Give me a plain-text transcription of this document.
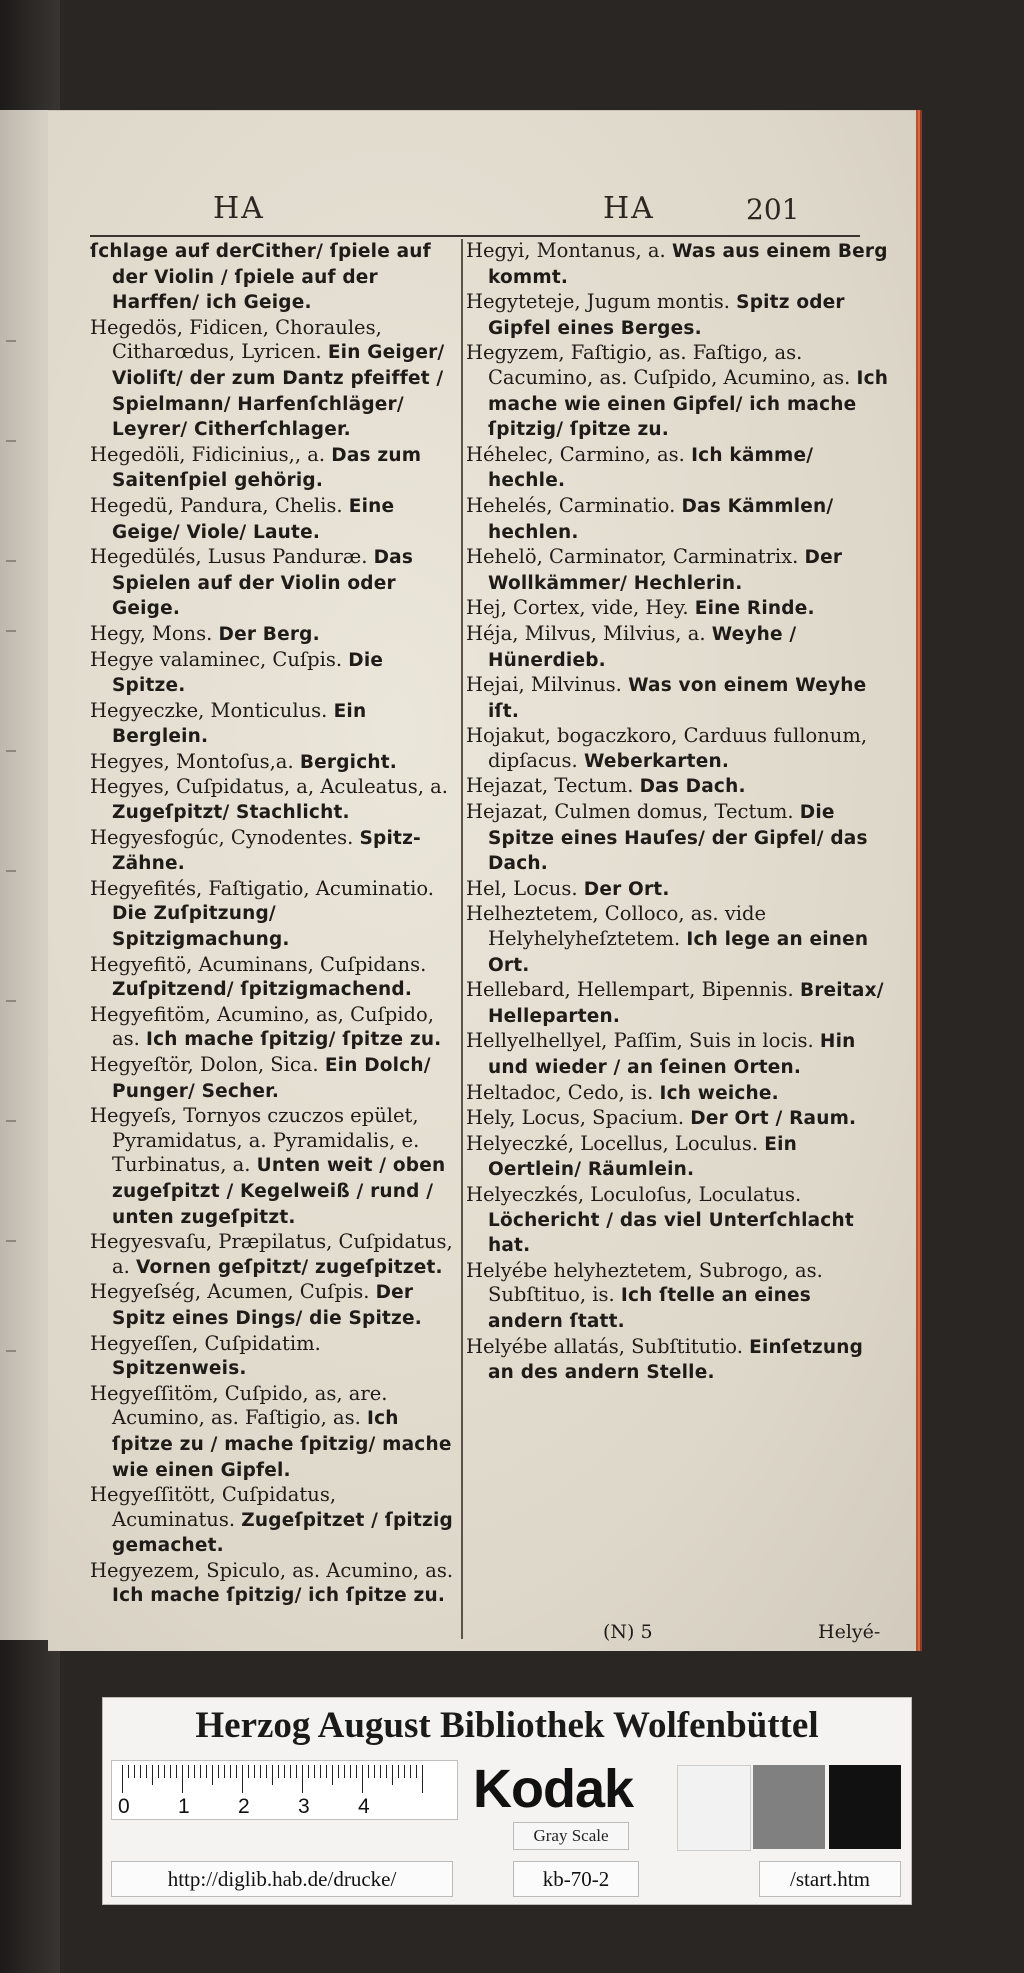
HA	HA	201
ſchlage auf derCither/ ſpiele auf der Violin / ſpiele auf der Harffen/ ich Geige.
Hegedös, Fidicen, Choraules, Citharœdus, Lyricen. Ein Geiger/ Violiſt/ der zum Dantz pfeiffet / Spielmann/ Harfenſchläger/ Leyrer/ Citherſchlager.
Hegedöli, Fidicinius,, a. Das zum Saitenſpiel gehörig.
Hegedü, Pandura, Chelis. Eine Geige/ Viole/ Laute.
Hegedülés, Lusus Panduræ. Das Spielen auf der Violin oder Geige.
Hegy, Mons. Der Berg.
Hegye valaminec, Cuſpis. Die Spitze.
Hegyeczke, Monticulus. Ein Berglein.
Hegyes, Montoſus,a. Bergicht.
Hegyes, Cuſpidatus, a, Aculeatus, a. Zugeſpitzt/ Stachlicht.
Hegyesfogúc, Cynodentes. Spitz-Zähne.
Hegyefités, Faſtigatio, Acuminatio. Die Zuſpitzung/ Spitzigmachung.
Hegyefitö, Acuminans, Cuſpidans. Zuſpitzend/ ſpitzigmachend.
Hegyefitöm, Acumino, as, Cuſpido, as. Ich mache ſpitzig/ ſpitze zu.
Hegyeſtör, Dolon, Sica. Ein Dolch/ Punger/ Secher.
Hegyeſs, Tornyos czuczos epület, Pyramidatus, a. Pyramidalis, e. Turbinatus, a. Unten weit / oben zugeſpitzt / Kegelweiß / rund / unten zugeſpitzt.
Hegyesvaſu, Præpilatus, Cuſpidatus, a. Vornen geſpitzt/ zugeſpitzet.
Hegyeſség, Acumen, Cuſpis. Der Spitz eines Dings/ die Spitze.
Hegyeſſen, Cuſpidatim. Spitzenweis.
Hegyeſſitöm, Cuſpido, as, are. Acumino, as. Faſtigio, as. Ich ſpitze zu / mache ſpitzig/ mache wie einen Gipfel.
Hegyeſſitött, Cuſpidatus, Acuminatus. Zugeſpitzet / ſpitzig gemachet.
Hegyezem, Spiculo, as. Acumino, as. Ich mache ſpitzig/ ich ſpitze zu.
Hegyi, Montanus, a. Was aus einem Berg kommt.
Hegyteteje, Jugum montis. Spitz oder Gipfel eines Berges.
Hegyzem, Faſtigio, as. Faſtigo, as. Cacumino, as. Cuſpido, Acumino, as. Ich mache wie einen Gipfel/ ich mache ſpitzig/ ſpitze zu.
Héhelec, Carmino, as. Ich kämme/ hechle.
Hehelés, Carminatio. Das Kämmlen/ hechlen.
Hehelö, Carminator, Carminatrix. Der Wollkämmer/ Hechlerin.
Hej, Cortex, vide, Hey. Eine Rinde.
Héja, Milvus, Milvius, a. Weyhe / Hünerdieb.
Hejai, Milvinus. Was von einem Weyhe iſt.
Hojakut, bogaczkoro, Carduus fullonum, dipſacus. Weberkarten.
Hejazat, Tectum. Das Dach.
Hejazat, Culmen domus, Tectum. Die Spitze eines Hauſes/ der Gipfel/ das Dach.
Hel, Locus. Der Ort.
Helheztetem, Colloco, as. vide Helyhelyheſztetem. Ich lege an einen Ort.
Hellebard, Hellempart, Bipennis. Breitax/ Helleparten.
Hellyelhellyel, Paſſim, Suis in locis. Hin und wieder / an ſeinen Orten.
Heltadoc, Cedo, is. Ich weiche.
Hely, Locus, Spacium. Der Ort / Raum.
Helyeczké, Locellus, Loculus. Ein Oertlein/ Räumlein.
Helyeczkés, Loculoſus, Loculatus. Löchericht / das viel Unterſchlacht hat.
Helyébe helyheztetem, Subrogo, as. Subſtituo, is. Ich ſtelle an eines andern ſtatt.
Helyébe allatás, Subſtitutio. Einſetzung an des andern Stelle.
(N) 5	Helyé-
Herzog August Bibliothek Wolfenbüttel
0 1 2 3 4 Kodak
Gray Scale
http://diglib.hab.de/drucke/	kb-70-2	/start.htm
